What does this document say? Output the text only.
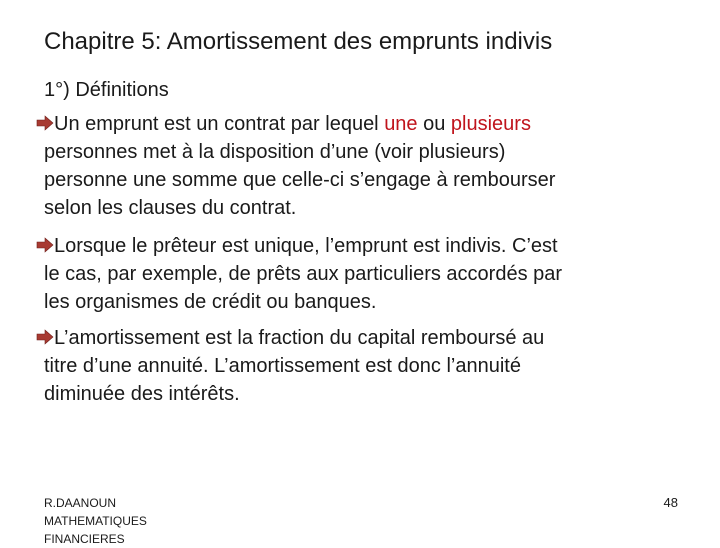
Chapitre 5: Amortissement des emprunts indivis
1°) Définitions
Un emprunt est un contrat par lequel une ou plusieurs
personnes met à la disposition d’une (voir plusieurs)
personne une somme que celle-ci s’engage à rembourser
selon les clauses du contrat.
Lorsque le prêteur est unique, l’emprunt est indivis. C’est
le cas, par exemple, de prêts aux particuliers accordés par
les organismes de crédit ou banques.
L’amortissement est la fraction du capital remboursé au
titre d’une annuité. L’amortissement est donc l’annuité
diminuée des intérêts.
R.DAANOUN
MATHEMATIQUES
FINANCIERES
48
